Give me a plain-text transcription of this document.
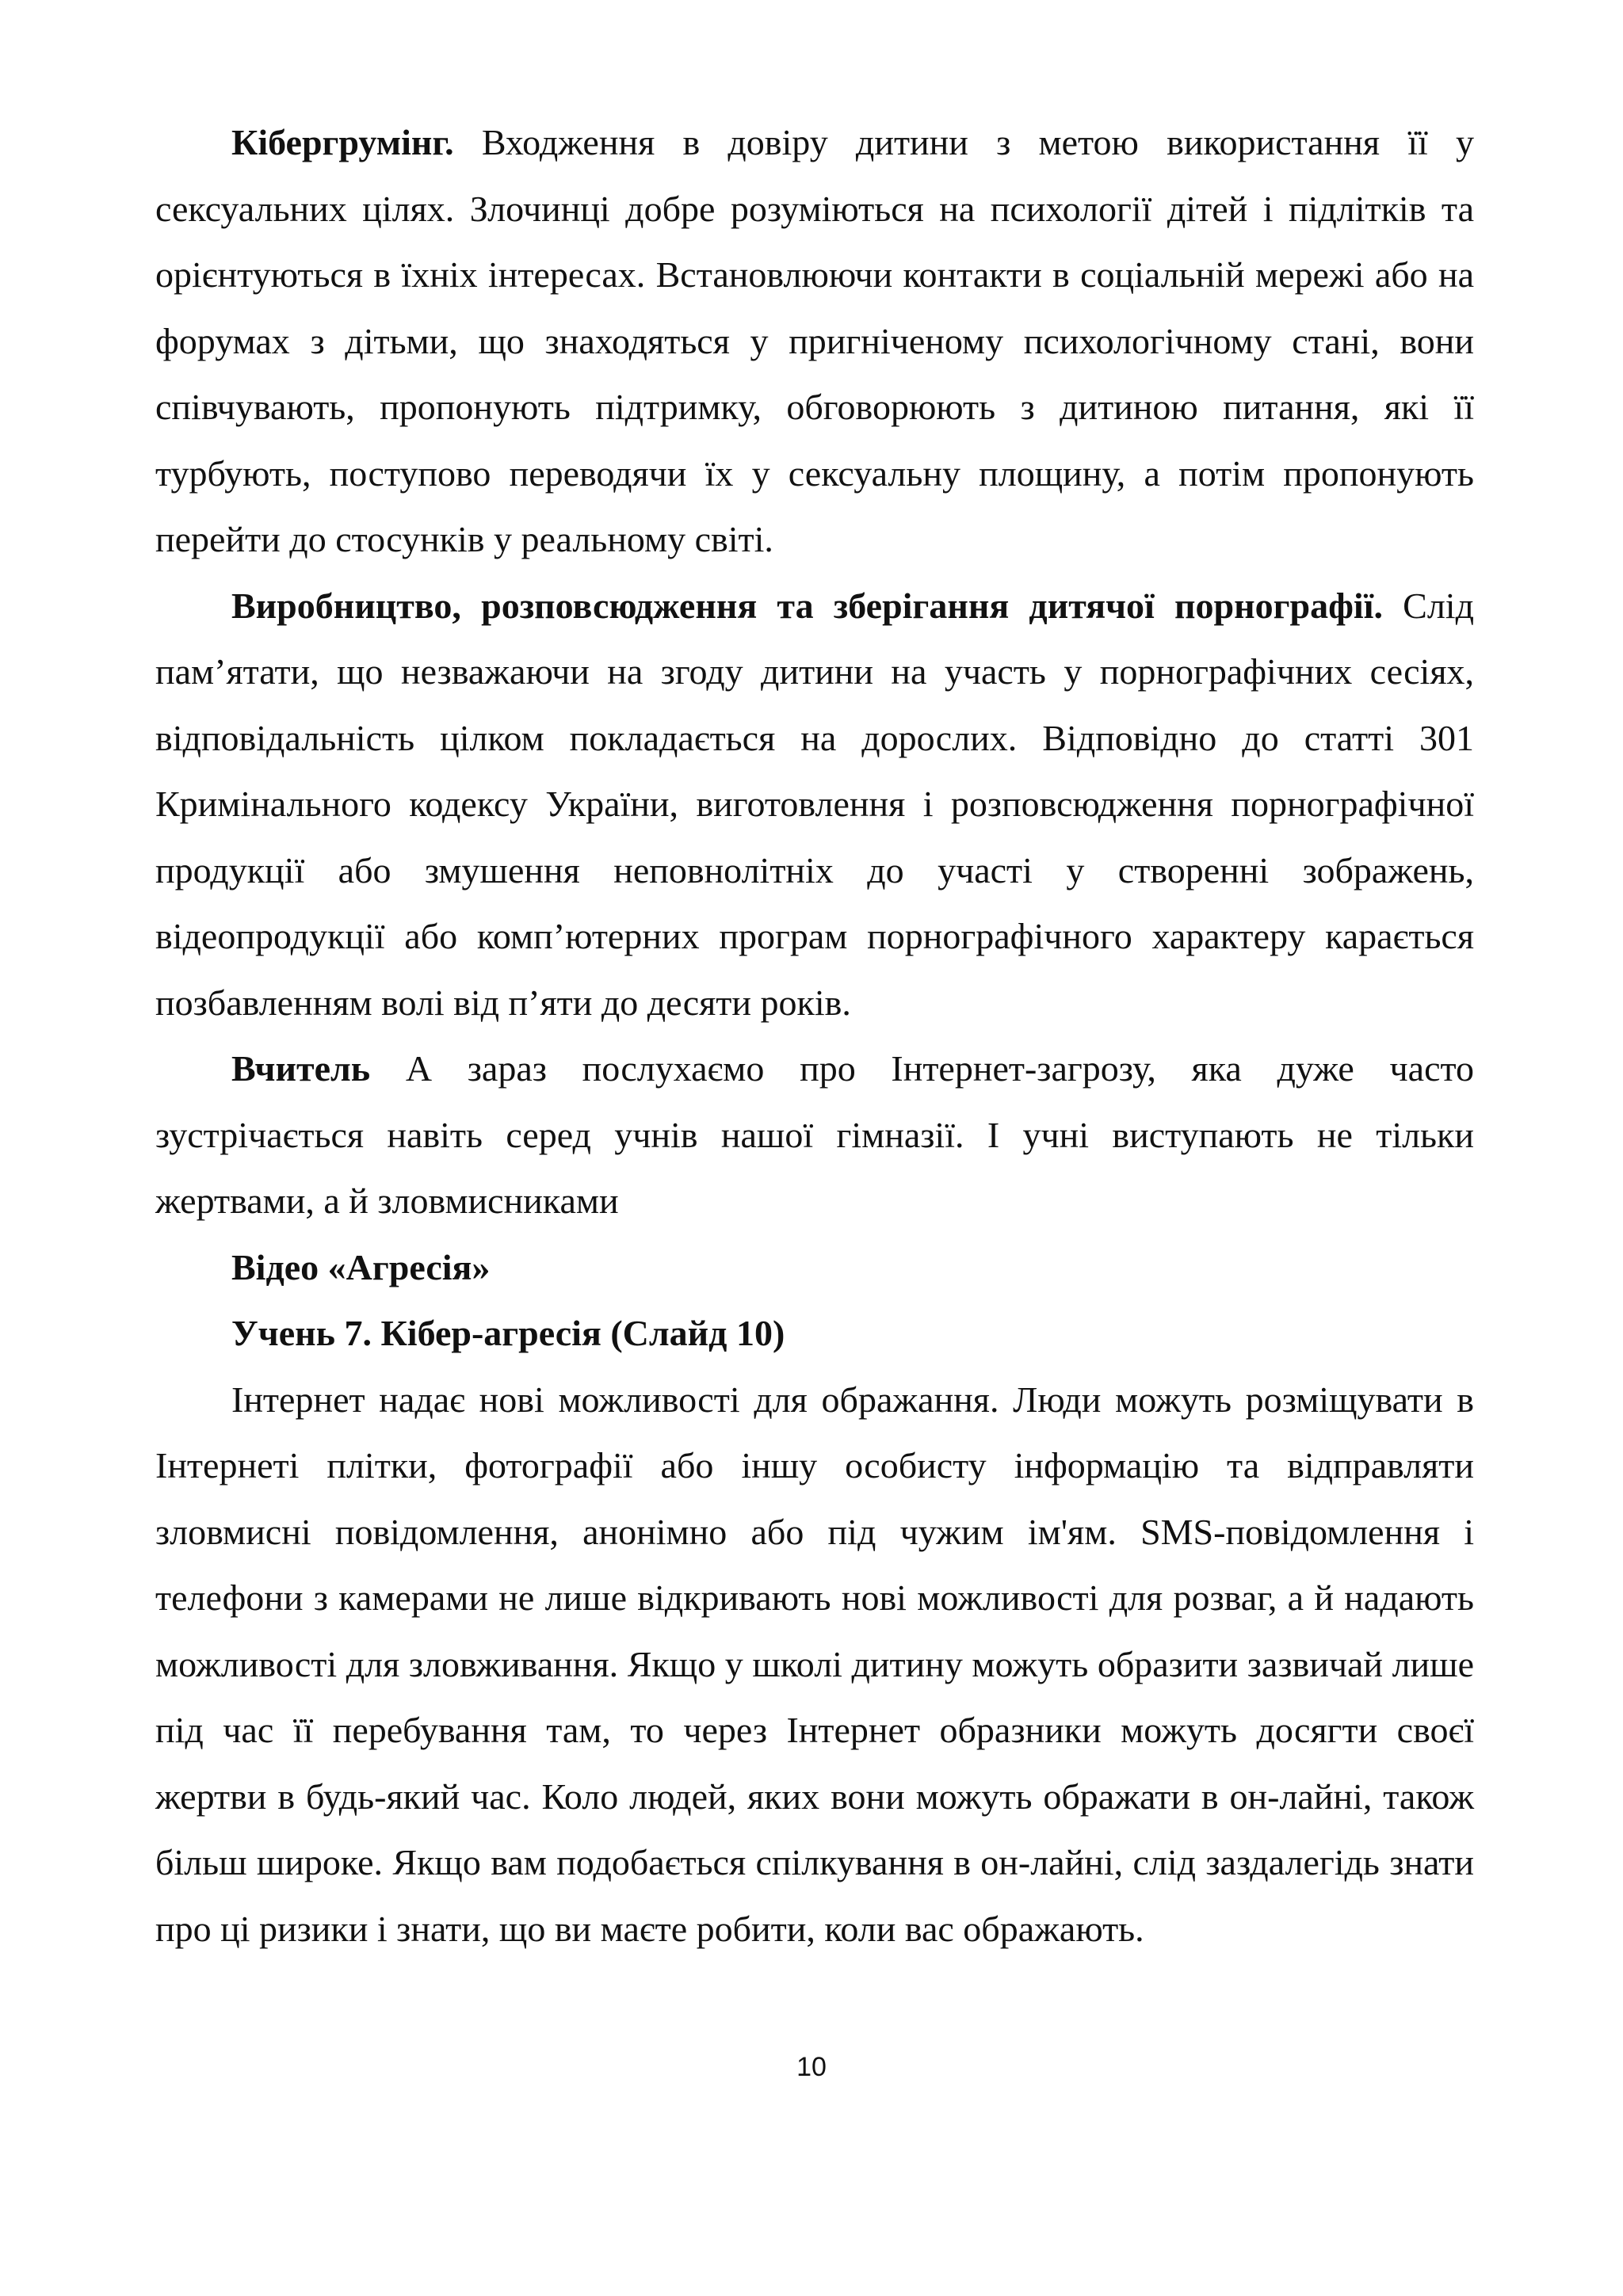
Кібергрумінг. Входження в довіру дитини з метою використання її у сексуальних цілях. Злочинці добре розуміються на психології дітей і підлітків та орієнтуються в їхніх інтересах. Встановлюючи контакти в соціальній мережі або на форумах з дітьми, що знаходяться у пригніченому психологічному стані, вони співчувають, пропонують підтримку, обговорюють з дитиною питання, які її турбують, поступово переводячи їх у сексуальну площину, а потім пропонують перейти до стосунків у реальному світі.

Виробництво, розповсюдження та зберігання дитячої порнографії. Слід пам’ятати, що незважаючи на згоду дитини на участь у порнографічних сесіях, відповідальність цілком покладається на дорослих. Відповідно до статті 301 Кримінального кодексу України, виготовлення і розповсюдження порнографічної продукції або змушення неповнолітніх до участі у створенні зображень, відеопродукції або комп’ютерних програм порнографічного характеру карається позбавленням волі від п’яти до десяти років.

Вчитель А зараз послухаємо про Інтернет-загрозу, яка дуже часто зустрічається навіть серед учнів нашої гімназії. І учні виступають не тільки жертвами, а й зловмисниками

Відео «Агресія»

Учень 7. Кібер-агресія (Слайд 10)

Інтернет надає нові можливості для ображання. Люди можуть розміщувати в Інтернеті плітки, фотографії або іншу особисту інформацію та відправляти зловмисні повідомлення, анонімно або під чужим ім'ям. SMS-повідомлення і телефони з камерами не лише відкривають нові можливості для розваг, а й надають можливості для зловживання. Якщо у школі дитину можуть образити зазвичай лише під час її перебування там, то через Інтернет образники можуть досягти своєї жертви в будь-який час. Коло людей, яких вони можуть ображати в он-лайні, також більш широке. Якщо вам подобається спілкування в он-лайні, слід заздалегідь знати про ці ризики і знати, що ви маєте робити, коли вас ображають.

10
